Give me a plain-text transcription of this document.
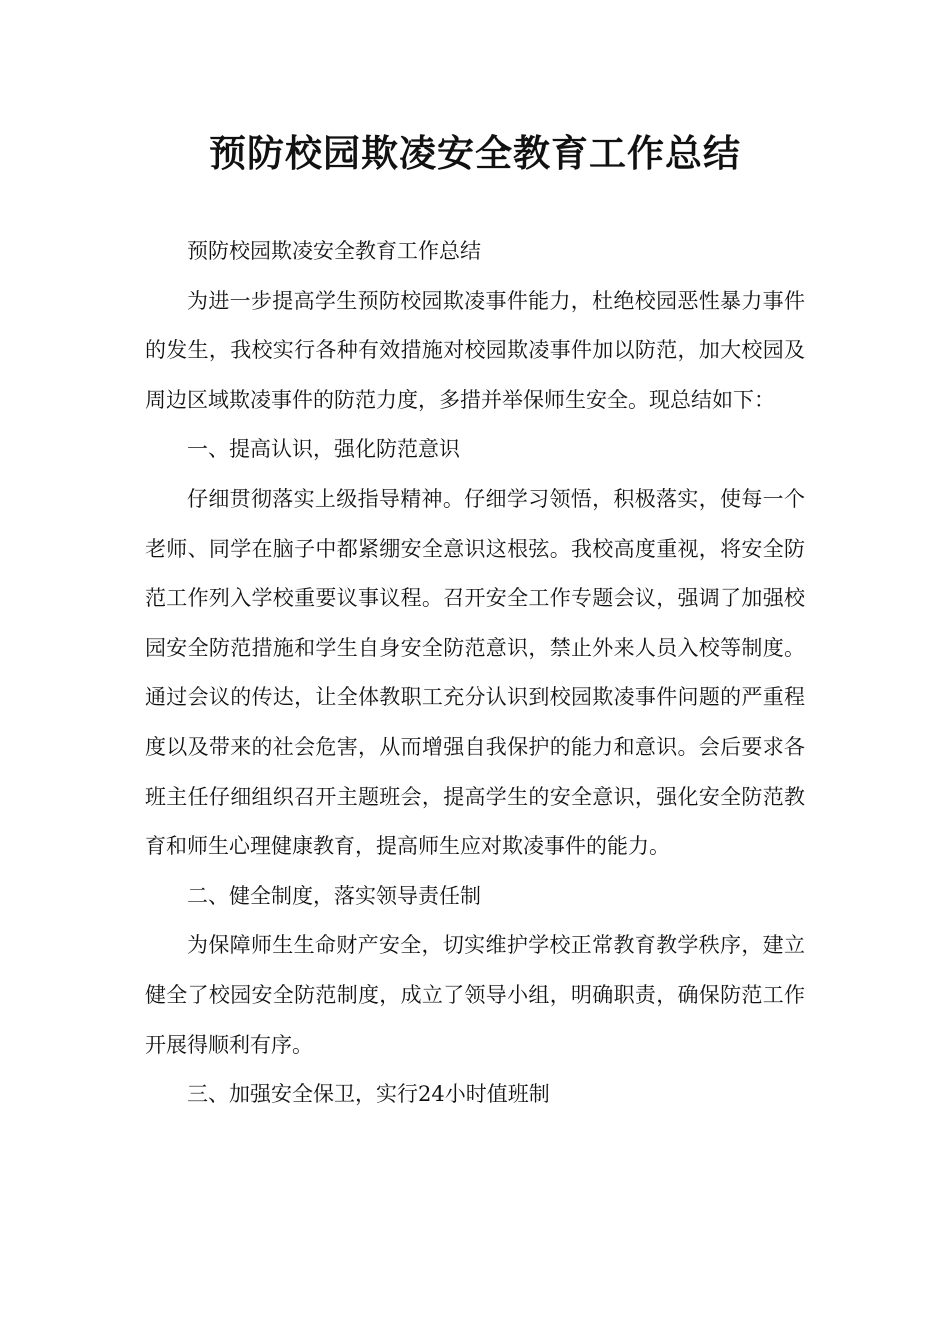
预防校园欺凌安全教育工作总结

预防校园欺凌安全教育工作总结

为进一步提高学生预防校园欺凌事件能力，杜绝校园恶性暴力事件的发生，我校实行各种有效措施对校园欺凌事件加以防范，加大校园及周边区域欺凌事件的防范力度，多措并举保师生安全。现总结如下：

一、提高认识，强化防范意识

仔细贯彻落实上级指导精神。仔细学习领悟，积极落实，使每一个老师、同学在脑子中都紧绷安全意识这根弦。我校高度重视，将安全防范工作列入学校重要议事议程。召开安全工作专题会议，强调了加强校园安全防范措施和学生自身安全防范意识，禁止外来人员入校等制度。通过会议的传达，让全体教职工充分认识到校园欺凌事件问题的严重程度以及带来的社会危害，从而增强自我保护的能力和意识。会后要求各班主任仔细组织召开主题班会，提高学生的安全意识，强化安全防范教育和师生心理健康教育，提高师生应对欺凌事件的能力。

二、健全制度，落实领导责任制

为保障师生生命财产安全，切实维护学校正常教育教学秩序，建立健全了校园安全防范制度，成立了领导小组，明确职责，确保防范工作开展得顺利有序。

三、加强安全保卫，实行24小时值班制
